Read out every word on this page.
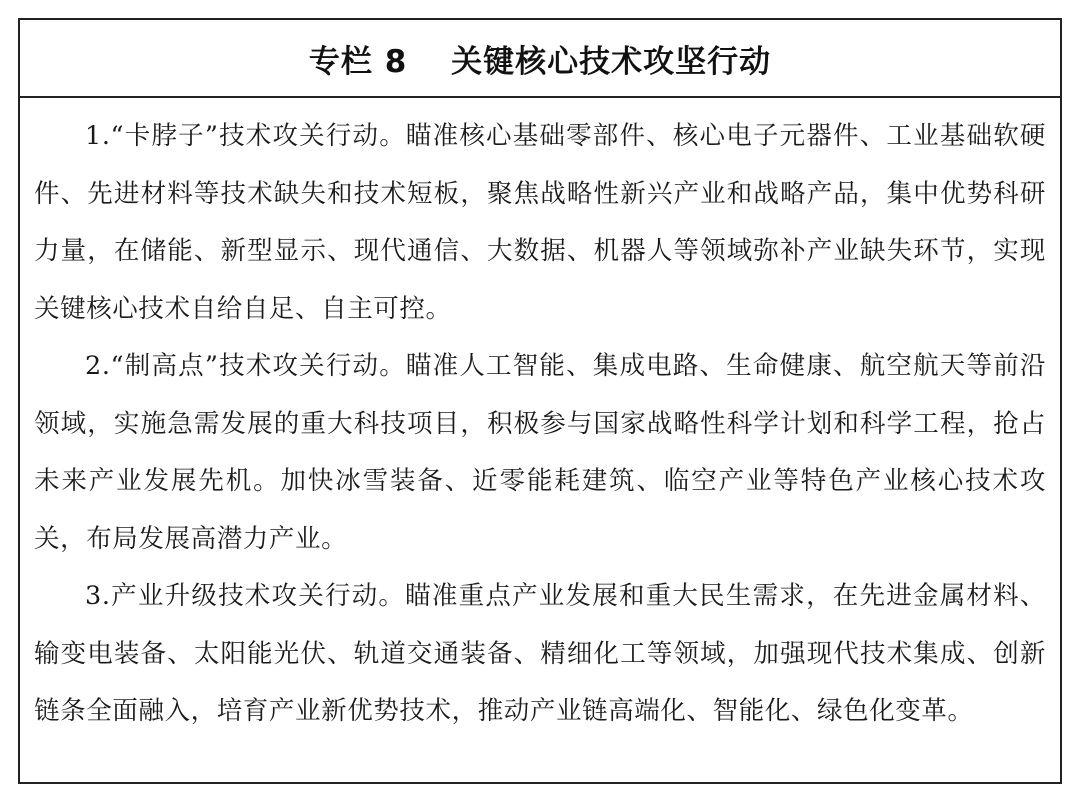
专栏 8　 关键核心技术攻坚行动

1.“卡脖子”技术攻关行动。瞄准核心基础零部件、核心电子元器件、工业基础软硬件、先进材料等技术缺失和技术短板，聚焦战略性新兴产业和战略产品，集中优势科研力量，在储能、新型显示、现代通信、大数据、机器人等领域弥补产业缺失环节，实现关键核心技术自给自足、自主可控。

2.“制高点”技术攻关行动。瞄准人工智能、集成电路、生命健康、航空航天等前沿领域，实施急需发展的重大科技项目，积极参与国家战略性科学计划和科学工程，抢占未来产业发展先机。加快冰雪装备、近零能耗建筑、临空产业等特色产业核心技术攻关，布局发展高潜力产业。

3.产业升级技术攻关行动。瞄准重点产业发展和重大民生需求，在先进金属材料、输变电装备、太阳能光伏、轨道交通装备、精细化工等领域，加强现代技术集成、创新链条全面融入，培育产业新优势技术，推动产业链高端化、智能化、绿色化变革。
